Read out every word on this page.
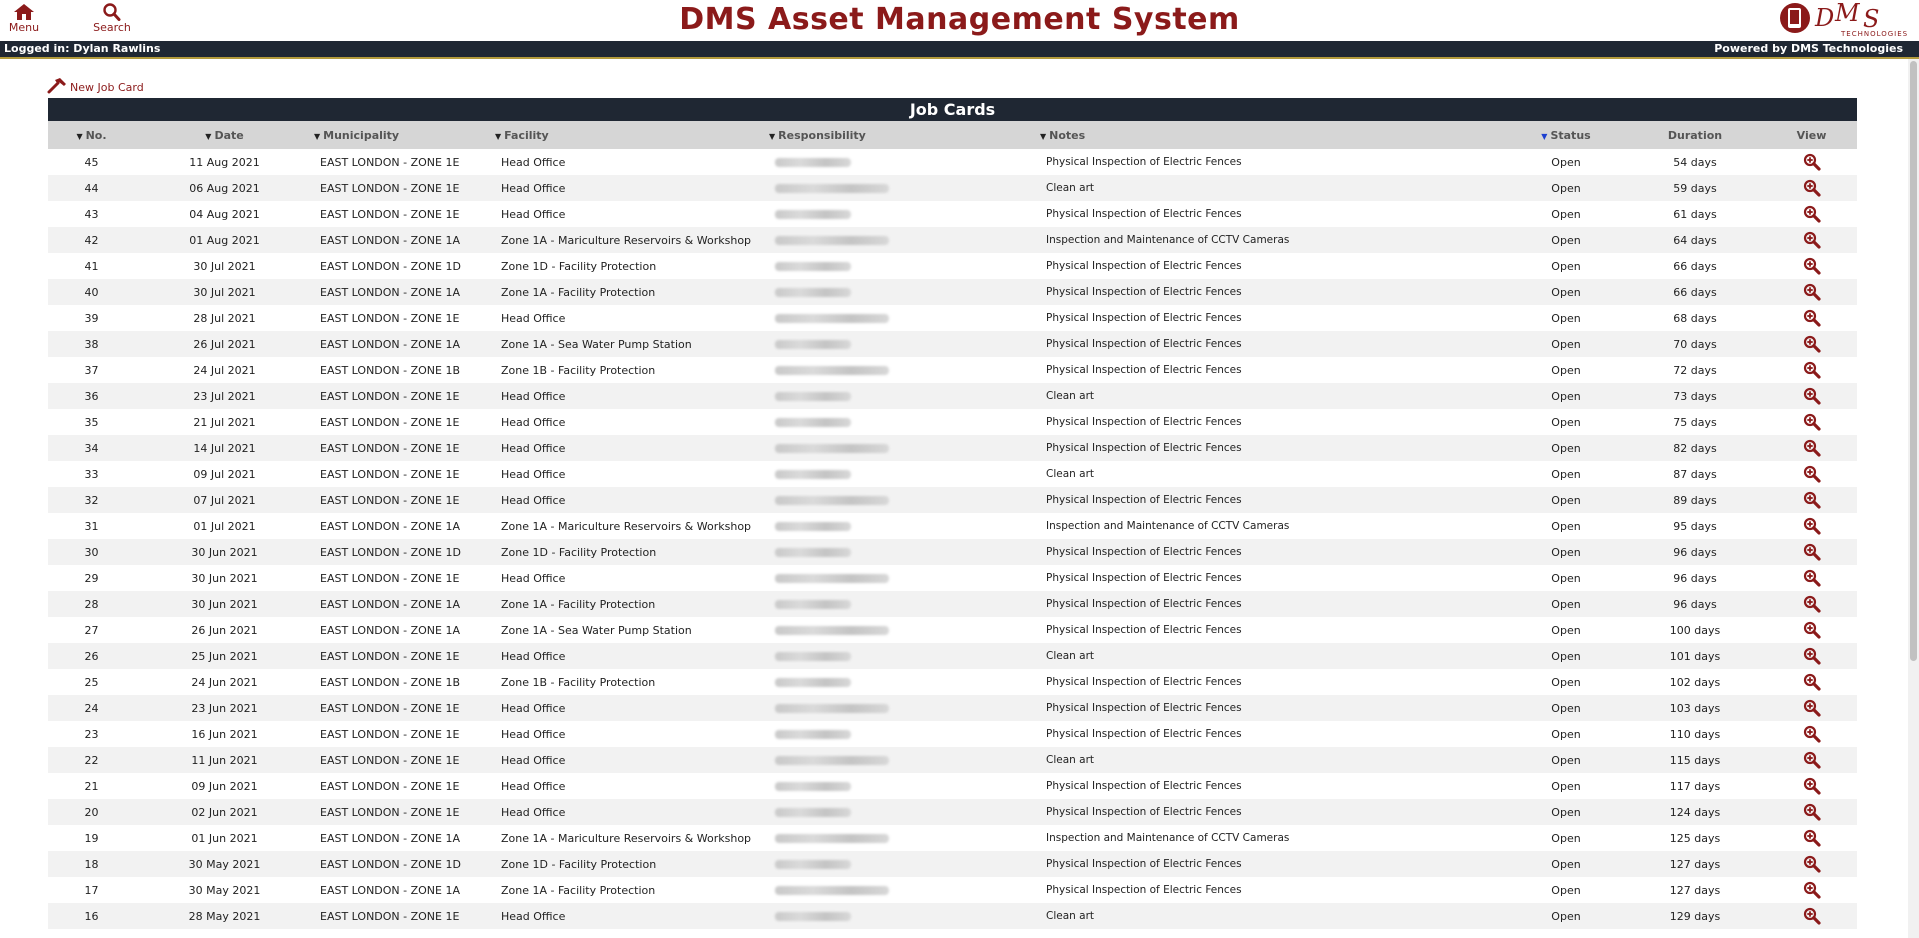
Menu	Search	DMS Asset Management System	D M S
TECHNOLOGIES
Logged in: Dylan Rawlins	Powered by DMS Technologies
New Job Card
Job Cards
▼ No.	▼ Date	▼ Municipality	▼ Facility	▼ Responsibility	▼ Notes	▼ Status	Duration	View
45	11 Aug 2021	EAST LONDON - ZONE 1E	Head Office		Physical Inspection of Electric Fences	Open	54 days	
44	06 Aug 2021	EAST LONDON - ZONE 1E	Head Office		Clean art	Open	59 days	
43	04 Aug 2021	EAST LONDON - ZONE 1E	Head Office		Physical Inspection of Electric Fences	Open	61 days	
42	01 Aug 2021	EAST LONDON - ZONE 1A	Zone 1A - Mariculture Reservoirs & Workshop		Inspection and Maintenance of CCTV Cameras	Open	64 days	
41	30 Jul 2021	EAST LONDON - ZONE 1D	Zone 1D - Facility Protection		Physical Inspection of Electric Fences	Open	66 days	
40	30 Jul 2021	EAST LONDON - ZONE 1A	Zone 1A - Facility Protection		Physical Inspection of Electric Fences	Open	66 days	
39	28 Jul 2021	EAST LONDON - ZONE 1E	Head Office		Physical Inspection of Electric Fences	Open	68 days	
38	26 Jul 2021	EAST LONDON - ZONE 1A	Zone 1A - Sea Water Pump Station		Physical Inspection of Electric Fences	Open	70 days	
37	24 Jul 2021	EAST LONDON - ZONE 1B	Zone 1B - Facility Protection		Physical Inspection of Electric Fences	Open	72 days	
36	23 Jul 2021	EAST LONDON - ZONE 1E	Head Office		Clean art	Open	73 days	
35	21 Jul 2021	EAST LONDON - ZONE 1E	Head Office		Physical Inspection of Electric Fences	Open	75 days	
34	14 Jul 2021	EAST LONDON - ZONE 1E	Head Office		Physical Inspection of Electric Fences	Open	82 days	
33	09 Jul 2021	EAST LONDON - ZONE 1E	Head Office		Clean art	Open	87 days	
32	07 Jul 2021	EAST LONDON - ZONE 1E	Head Office		Physical Inspection of Electric Fences	Open	89 days	
31	01 Jul 2021	EAST LONDON - ZONE 1A	Zone 1A - Mariculture Reservoirs & Workshop		Inspection and Maintenance of CCTV Cameras	Open	95 days	
30	30 Jun 2021	EAST LONDON - ZONE 1D	Zone 1D - Facility Protection		Physical Inspection of Electric Fences	Open	96 days	
29	30 Jun 2021	EAST LONDON - ZONE 1E	Head Office		Physical Inspection of Electric Fences	Open	96 days	
28	30 Jun 2021	EAST LONDON - ZONE 1A	Zone 1A - Facility Protection		Physical Inspection of Electric Fences	Open	96 days	
27	26 Jun 2021	EAST LONDON - ZONE 1A	Zone 1A - Sea Water Pump Station		Physical Inspection of Electric Fences	Open	100 days	
26	25 Jun 2021	EAST LONDON - ZONE 1E	Head Office		Clean art	Open	101 days	
25	24 Jun 2021	EAST LONDON - ZONE 1B	Zone 1B - Facility Protection		Physical Inspection of Electric Fences	Open	102 days	
24	23 Jun 2021	EAST LONDON - ZONE 1E	Head Office		Physical Inspection of Electric Fences	Open	103 days	
23	16 Jun 2021	EAST LONDON - ZONE 1E	Head Office		Physical Inspection of Electric Fences	Open	110 days	
22	11 Jun 2021	EAST LONDON - ZONE 1E	Head Office		Clean art	Open	115 days	
21	09 Jun 2021	EAST LONDON - ZONE 1E	Head Office		Physical Inspection of Electric Fences	Open	117 days	
20	02 Jun 2021	EAST LONDON - ZONE 1E	Head Office		Physical Inspection of Electric Fences	Open	124 days	
19	01 Jun 2021	EAST LONDON - ZONE 1A	Zone 1A - Mariculture Reservoirs & Workshop		Inspection and Maintenance of CCTV Cameras	Open	125 days	
18	30 May 2021	EAST LONDON - ZONE 1D	Zone 1D - Facility Protection		Physical Inspection of Electric Fences	Open	127 days	
17	30 May 2021	EAST LONDON - ZONE 1A	Zone 1A - Facility Protection		Physical Inspection of Electric Fences	Open	127 days	
16	28 May 2021	EAST LONDON - ZONE 1E	Head Office		Clean art	Open	129 days	
